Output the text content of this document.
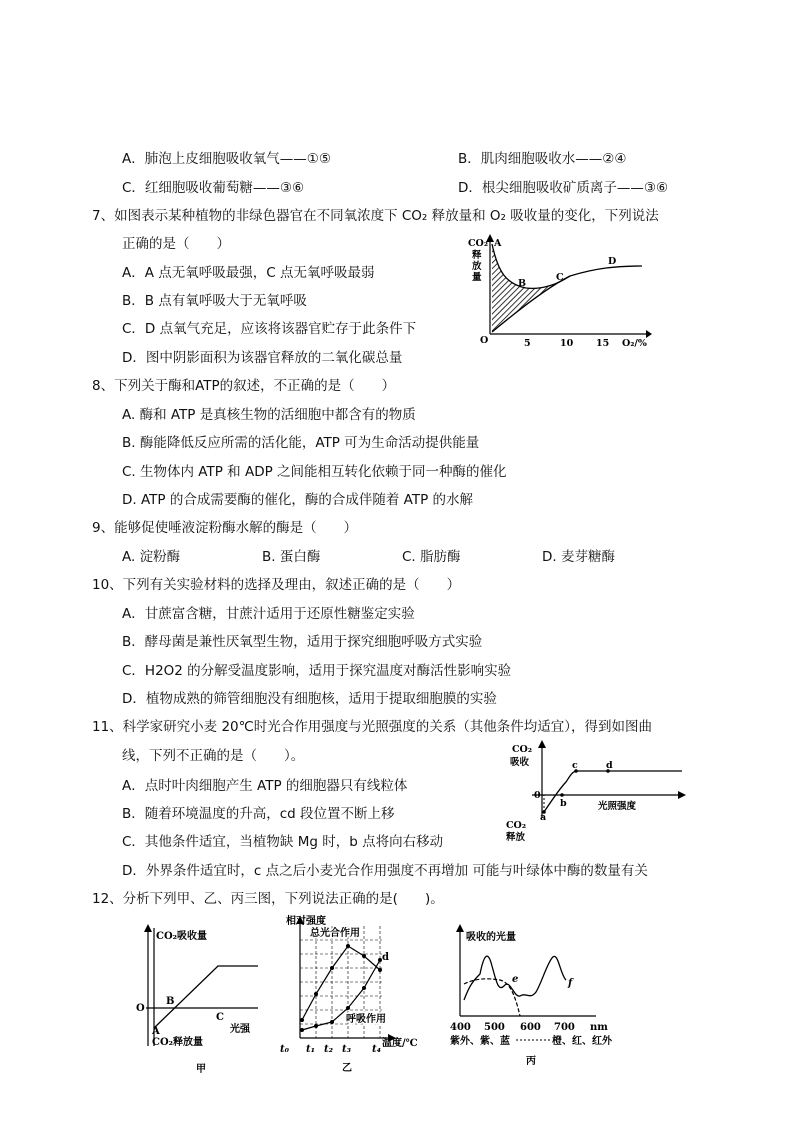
A．肺泡上皮细胞吸收氧气——①⑤	B．肌肉细胞吸收水——②④
C．红细胞吸收葡萄糖——③⑥	D．根尖细胞吸收矿质离子——③⑥
7、如图表示某种植物的非绿色器官在不同氧浓度下 CO₂ 释放量和 O₂ 吸收量的变化，下列说法
正确的是（　　）
A．A 点无氧呼吸最强，C 点无氧呼吸最弱
B．B 点有氧呼吸大于无氧呼吸
C．D 点氧气充足，应该将该器官贮存于此条件下
D．图中阴影面积为该器官释放的二氧化碳总量
CO₂
释
放
量
A
B
C
D
O	5	10 15 O₂/%
8、下列关于酶和ATP的叙述，不正确的是（　　）
A. 酶和 ATP 是真核生物的活细胞中都含有的物质
B. 酶能降低反应所需的活化能，ATP 可为生命活动提供能量
C. 生物体内 ATP 和 ADP 之间能相互转化依赖于同一种酶的催化
D. ATP 的合成需要酶的催化，酶的合成伴随着 ATP 的水解
9、能够促使唾液淀粉酶水解的酶是（　　）
A. 淀粉酶	B. 蛋白酶	C. 脂肪酶	D. 麦芽糖酶
10、下列有关实验材料的选择及理由，叙述正确的是（　　）
A．甘蔗富含糖，甘蔗汁适用于还原性糖鉴定实验
B．酵母菌是兼性厌氧型生物，适用于探究细胞呼吸方式实验
C．H2O2 的分解受温度影响，适用于探究温度对酶活性影响实验
D．植物成熟的筛管细胞没有细胞核，适用于提取细胞膜的实验
11、科学家研究小麦 20℃时光合作用强度与光照强度的关系（其他条件均适宜），得到如图曲
线，下列不正确的是（　　）。
A．点时叶肉细胞产生 ATP 的细胞器只有线粒体
B．随着环境温度的升高，cd 段位置不断上移
C．其他条件适宜，当植物缺 Mg 时，b 点将向右移动
D．外界条件适宜时，c 点之后小麦光合作用强度不再增加 可能与叶绿体中酶的数量有关
CO₂
吸收
CO₂
释放
0
a
b
c	d
光照强度
12、分析下列甲、乙、丙三图，下列说法正确的是(　　)。
CO₂吸收量
CO₂释放量
O
A
B
C
光强
甲
相对强度
总光合作用
d
呼吸作用
t₀ t₁ t₂ t₃ t₄
温度/℃
乙
吸收的光量
e	f
400 500 600 700 nm
紫外、紫、蓝	橙、红、红外
丙
